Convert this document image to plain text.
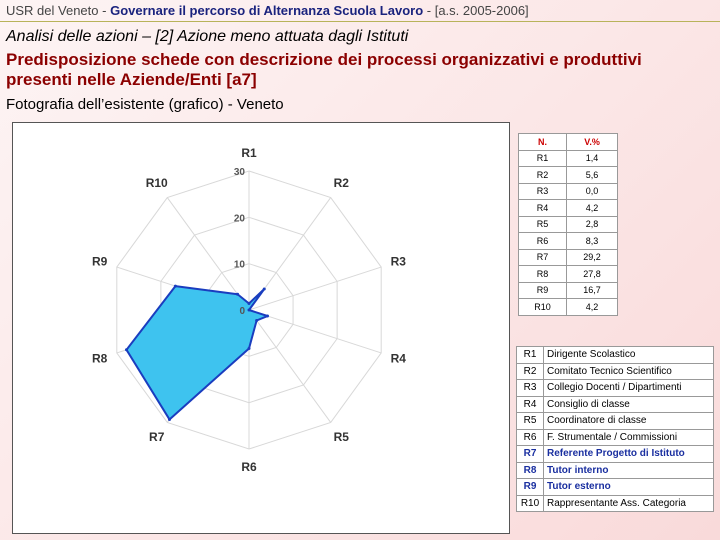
USR del Veneto - Governare il percorso di Alternanza Scuola Lavoro - [a.s. 2005-2006]
Analisi delle azioni – [2] Azione meno attuata dagli Istituti
Predisposizione schede con descrizione dei processi organizzativi e produttivi presenti nelle Aziende/Enti [a7]
Fotografia dell’esistente (grafico) - Veneto
0
10
20
30
R1
R2
R3
R4
R5
R6
R7
R8
R9
R10
N.	V.%
R1	1,4
R2	5,6
R3	0,0
R4	4,2
R5	2,8
R6	8,3
R7	29,2
R8	27,8
R9	16,7
R10	4,2
R1	Dirigente Scolastico
R2	Comitato Tecnico Scientifico
R3	Collegio Docenti / Dipartimenti
R4	Consiglio di classe
R5	Coordinatore di classe
R6	F. Strumentale / Commissioni
R7	Referente Progetto di Istituto
R8	Tutor interno
R9	Tutor esterno
R10	Rappresentante Ass. Categoria
